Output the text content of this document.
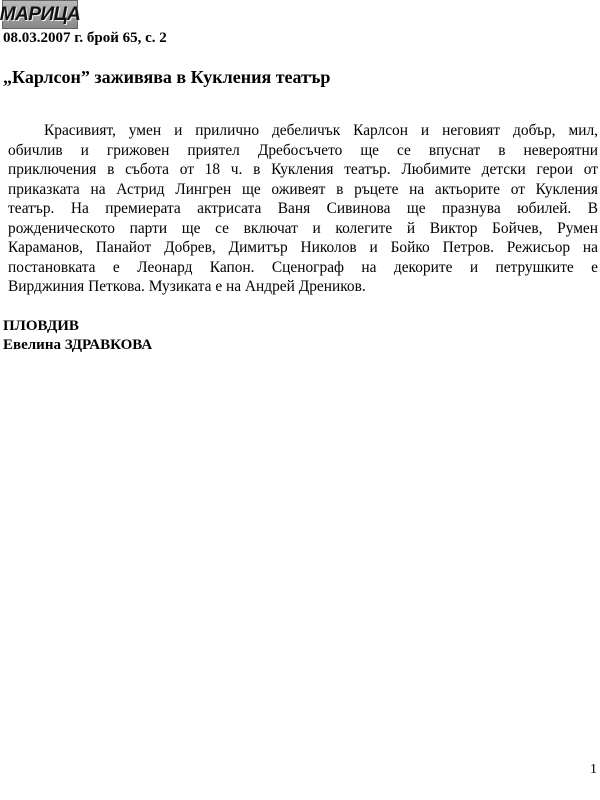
МАРИЦА
08.03.2007 г. брой 65, с. 2
„Карлсон” заживява в Кукления театър
Красивият, умен и прилично дебеличък Карлсон и неговият добър, мил,
обичлив и грижовен приятел Дребосъчето ще се впуснат в невероятни
приключения в събота от 18 ч. в Кукления театър. Любимите детски герои от
приказката на Астрид Лингрен ще оживеят в ръцете на актьорите от Кукления
театър. На премиерата актрисата Ваня Сивинова ще празнува юбилей. В
рожденическото парти ще се включат и колегите й Виктор Бойчев, Румен
Караманов, Панайот Добрев, Димитър Николов и Бойко Петров. Режисьор на
постановката е Леонард Капон. Сценограф на декорите и петрушките е
Вирджиния Петкова. Музиката е на Андрей Дреников.
ПЛОВДИВ
Евелина ЗДРАВКОВА
1
